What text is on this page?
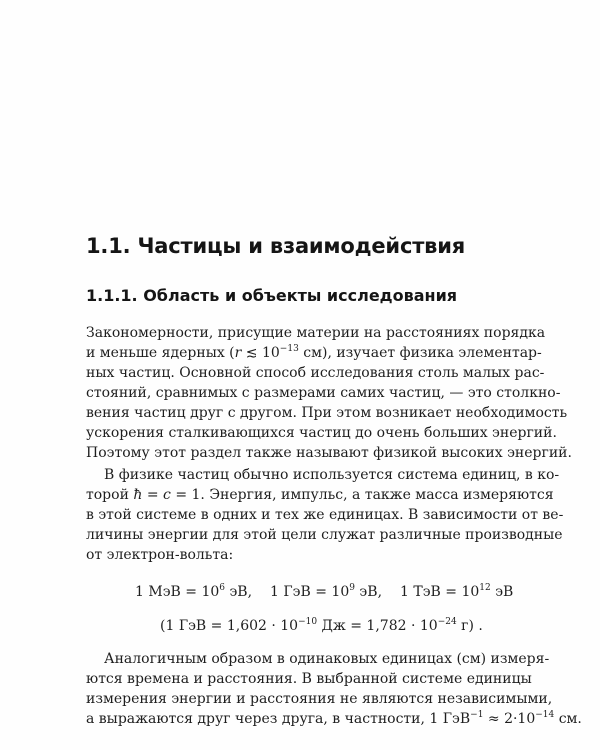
1.1. Частицы и взаимодействия
1.1.1. Область и объекты исследования
Закономерности, присущие материи на расстояниях порядка
и меньше ядерных (r ≲ $10^{-13}$ см), изучает физика элементар-
ных частиц. Основной способ исследования столь малых рас-
стояний, сравнимых с размерами самих частиц, — это столкно-
вения частиц друг с другом. При этом возникает необходимость
ускорения сталкивающихся частиц до очень больших энергий.
Поэтому этот раздел также называют физикой высоких энергий.
В физике частиц обычно используется система единиц, в ко-
торой ħ = c = 1. Энергия, импульс, а также масса измеряются
в этой системе в одних и тех же единицах. В зависимости от ве-
личины энергии для этой цели служат различные производные
от электрон-вольта:
1 МэВ = $10^6$ эВ, 1 ГэВ = $10^9$ эВ, 1 ТэВ = $10^{12}$ эВ
(1 ГэВ = $1,602 \cdot 10^{-10}$ Дж = $1,782 \cdot 10^{-24}$ г) .
Аналогичным образом в одинаковых единицах (см) измеря-
ются времена и расстояния. В выбранной системе единицы
измерения энергии и расстояния не являются независимыми,
а выражаются друг через друга, в частности, 1 $ГэВ^{-1} \approx 2\cdot 10^{-14}$ см.
